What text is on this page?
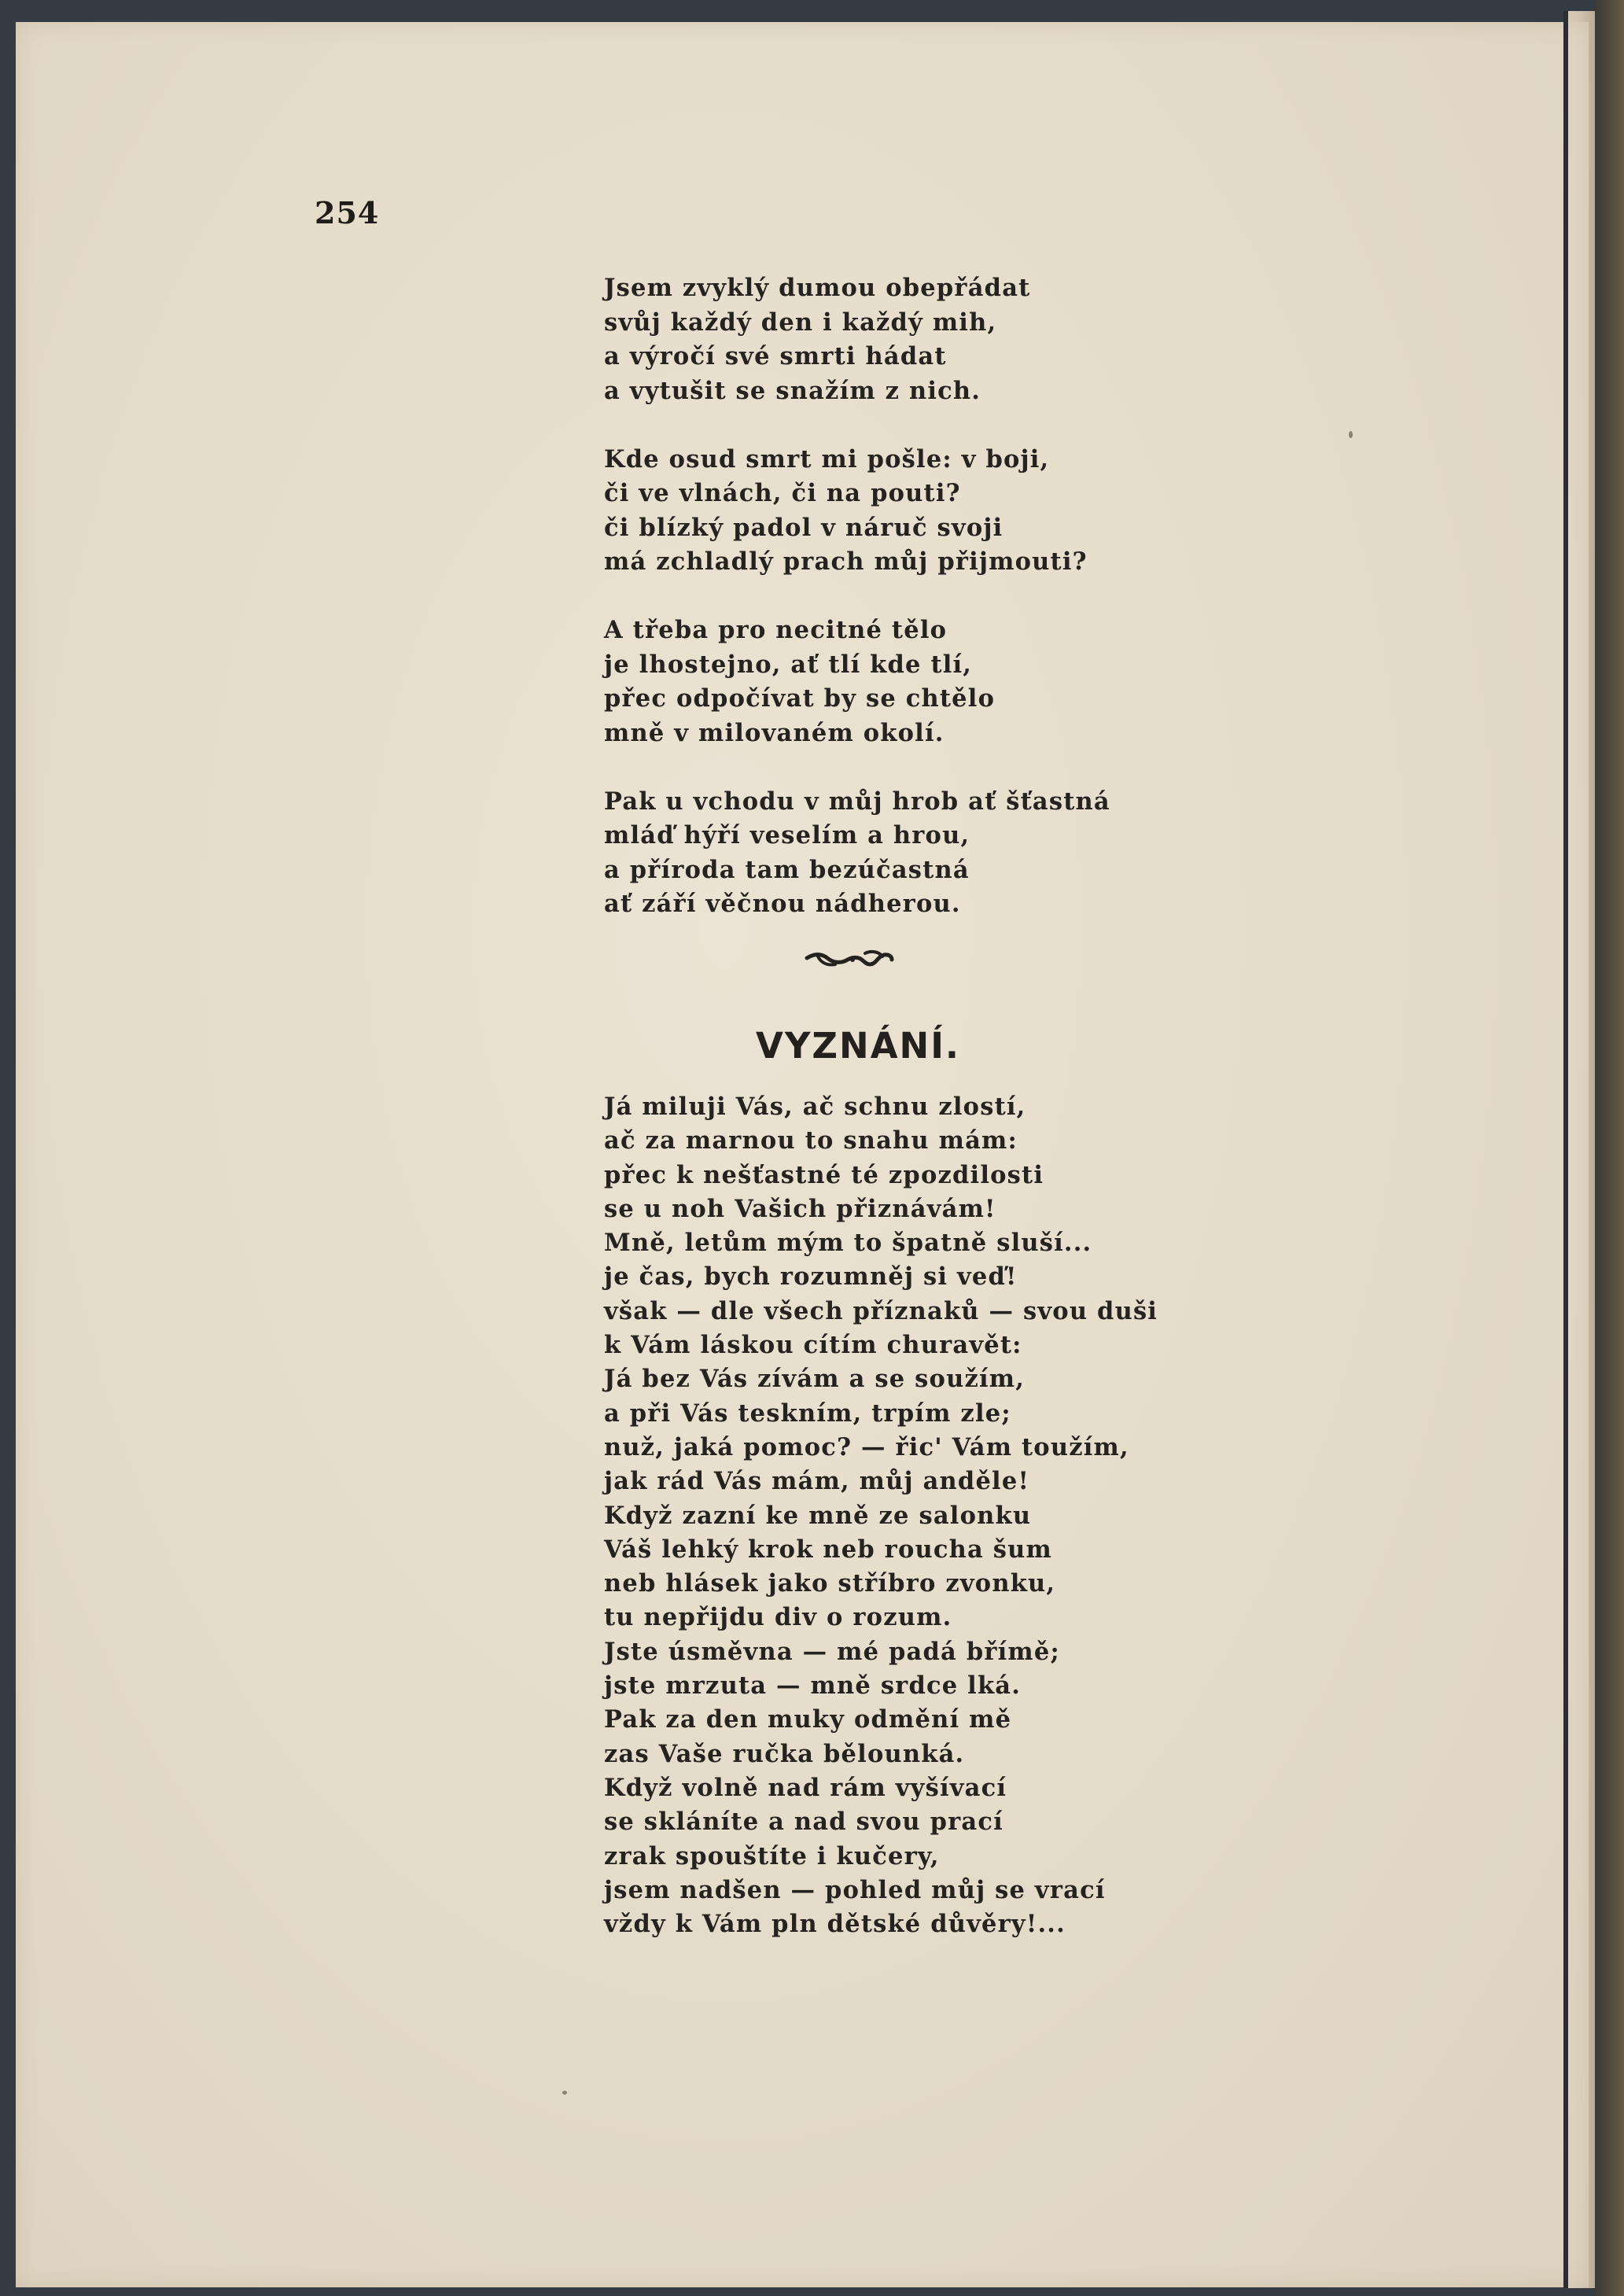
254
Jsem zvyklý dumou obepřádat
svůj každý den i každý mih,
a výročí své smrti hádat
a vytušit se snažím z nich.
Kde osud smrt mi pošle: v boji,
či ve vlnách, či na pouti?
či blízký padol v náruč svoji
má zchladlý prach můj přijmouti?
A třeba pro necitné tělo
je lhostejno, ať tlí kde tlí,
přec odpočívat by se chtělo
mně v milovaném okolí.
Pak u vchodu v můj hrob ať šťastná
mláď hýří veselím a hrou,
a příroda tam bezúčastná
ať září věčnou nádherou.
VYZNÁNÍ.
Já miluji Vás, ač schnu zlostí,
ač za marnou to snahu mám:
přec k nešťastné té zpozdilosti
se u noh Vašich přiznávám!
Mně, letům mým to špatně sluší...
je čas, bych rozumněj si veď!
však — dle všech příznaků — svou duši
k Vám láskou cítím churavět:
Já bez Vás zívám a se soužím,
a při Vás teskním, trpím zle;
nuž, jaká pomoc? — řic' Vám toužím,
jak rád Vás mám, můj anděle!
Když zazní ke mně ze salonku
Váš lehký krok neb roucha šum
neb hlásek jako stříbro zvonku,
tu nepřijdu div o rozum.
Jste úsměvna — mé padá břímě;
jste mrzuta — mně srdce lká.
Pak za den muky odmění mě
zas Vaše ručka bělounká.
Když volně nad rám vyšívací
se skláníte a nad svou prací
zrak spouštíte i kučery,
jsem nadšen — pohled můj se vrací
vždy k Vám pln dětské důvěry!...
